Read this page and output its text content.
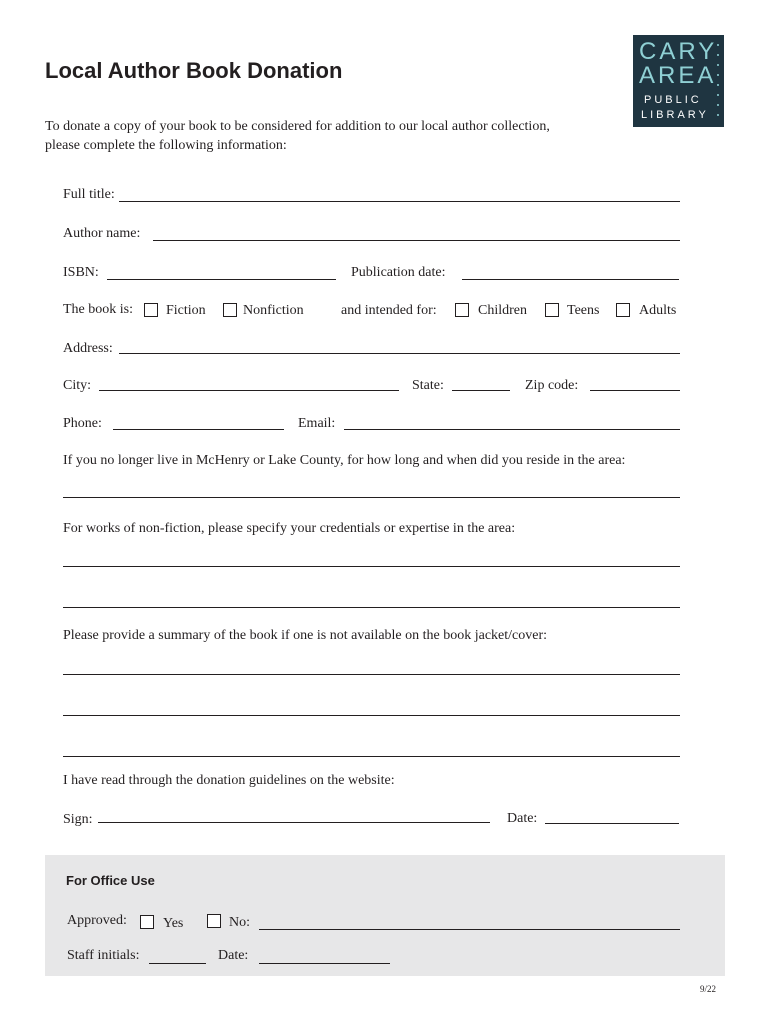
Local Author Book Donation
To donate a copy of your book to be considered for addition to our local author collection,
please complete the following information:
CARY
AREA
PUBLIC
LIBRARY
Full title:
Author name:
ISBN:	Publication date:
The book is: Fiction	Nonfiction	and intended for:	Children	Teens	Adults
Address:
City:	State:	Zip code:
Phone:	Email:
If you no longer live in McHenry or Lake County, for how long and when did you reside in the area:
For works of non-fiction, please specify your credentials or expertise in the area:
Please provide a summary of the book if one is not available on the book jacket/cover:
I have read through the donation guidelines on the website:
Sign:	Date:
For Office Use
Approved:	Yes	No:
Staff initials:	Date:
9/22
